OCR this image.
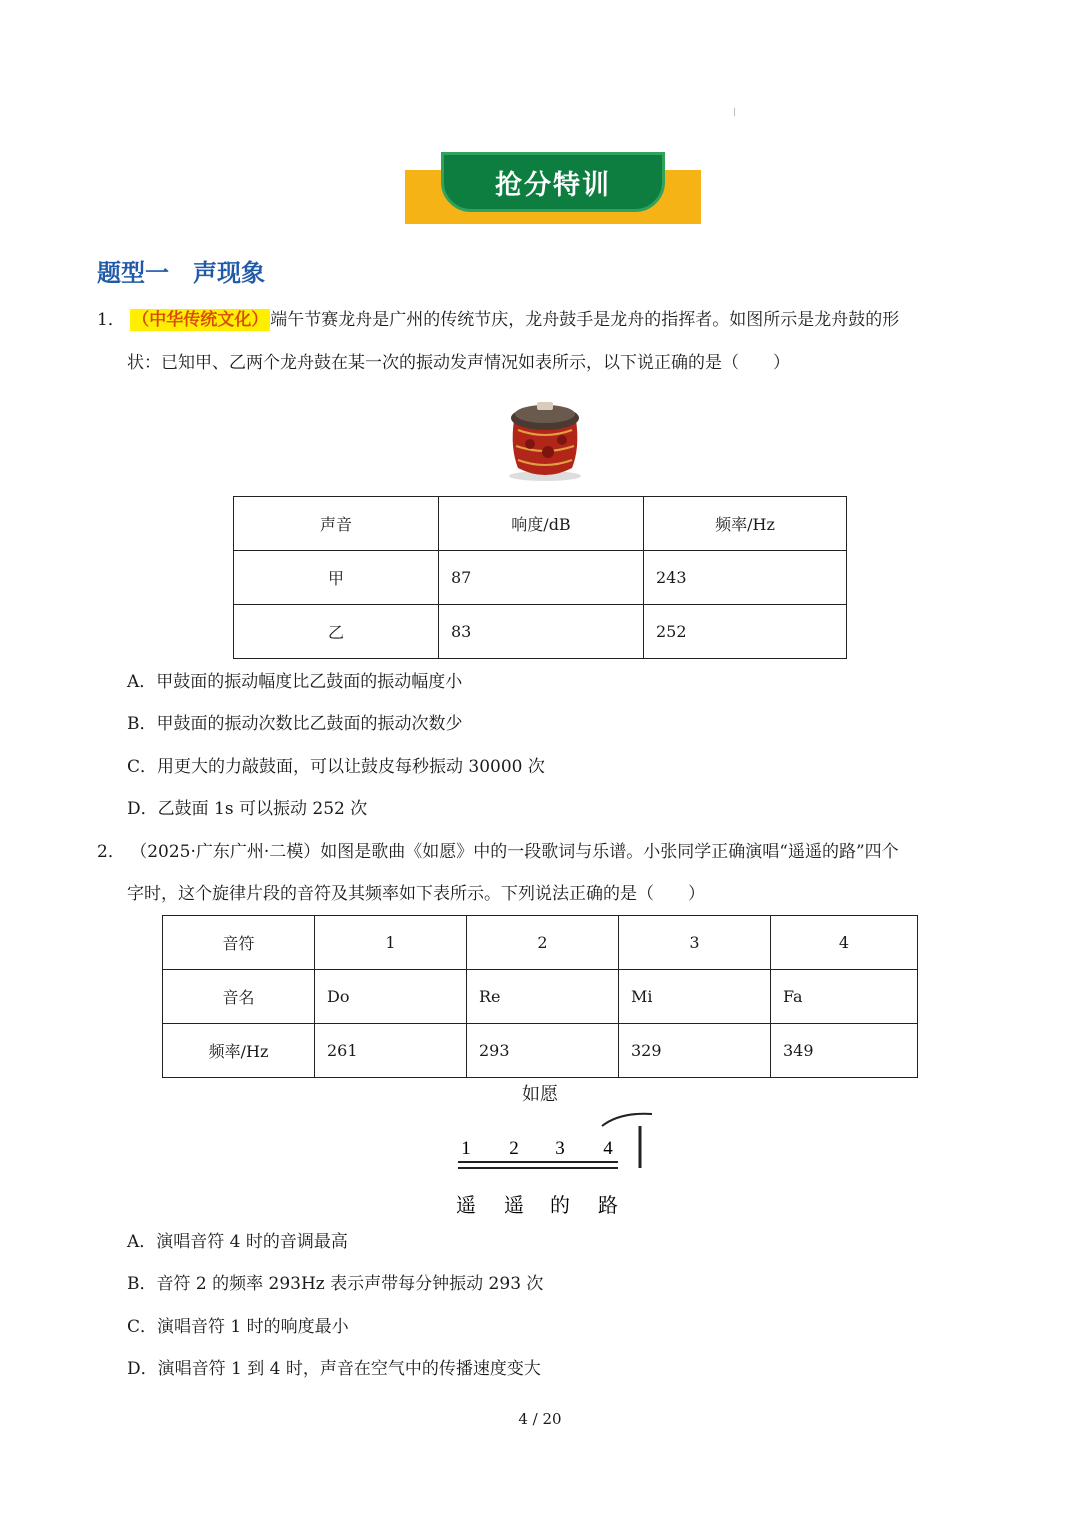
抢分特训
题型一　声现象
1． （中华传统文化） 端午节赛龙舟是广州的传统节庆，龙舟鼓手是龙舟的指挥者。如图所示是龙舟鼓的形
状：已知甲、乙两个龙舟鼓在某一次的振动发声情况如表所示，以下说正确的是（　　）
声音	响度/dB	频率/Hz
甲	87	243
乙	83	252
A．甲鼓面的振动幅度比乙鼓面的振动幅度小
B．甲鼓面的振动次数比乙鼓面的振动次数少
C．用更大的力敲鼓面，可以让鼓皮每秒振动 30000 次
D．乙鼓面 1s 可以振动 252 次
2． （2025·广东广州·二模）如图是歌曲《如愿》中的一段歌词与乐谱。小张同学正确演唱“遥遥的路”四个
字时，这个旋律片段的音符及其频率如下表所示。下列说法正确的是（　　）
音符	1	2	3	4
音名	Do	Re	Mi	Fa
频率/Hz	261	293	329	349
如愿
1 2 3 4
遥 遥 的 路
A．演唱音符 4 时的音调最高
B．音符 2 的频率 293Hz 表示声带每分钟振动 293 次
C．演唱音符 1 时的响度最小
D．演唱音符 1 到 4 时，声音在空气中的传播速度变大
4 / 20
